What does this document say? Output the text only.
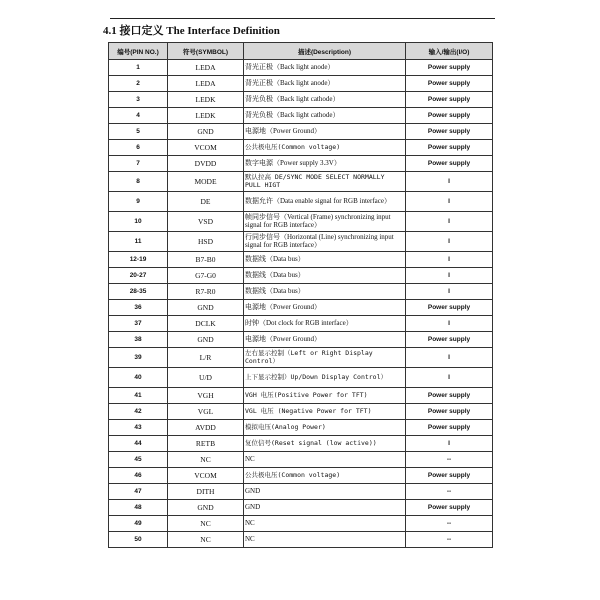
4.1 接口定义 The Interface Definition
编号(PIN NO.)	符号(SYMBOL)	描述(Description)	输入/输出(I/O)
1	LEDA	背光正极（Back light anode）	Power supply
2	LEDA	背光正极（Back light anode）	Power supply
3	LEDK	背光负极（Back light cathode）	Power supply
4	LEDK	背光负极（Back light cathode）	Power supply
5	GND	电源地（Power Ground）	Power supply
6	VCOM	公共极电压(Common voltage)	Power supply
7	DVDD	数字电源（Power supply 3.3V）	Power supply
8	MODE	默认拉高 DE/SYNC MODE SELECT NORMALLY PULL HIGT	I
9	DE	数据允许（Data enable signal for RGB interface）	I
10	VSD	帧同步信号（Vertical (Frame) synchronizing input signal for RGB interface）	I
11	HSD	行同步信号（Horizontal (Line) synchronizing input signal for RGB interface）	I
12-19	B7-B0	数据线（Data bus）	I
20-27	G7-G0	数据线（Data bus）	I
28-35	R7-R0	数据线（Data bus）	I
36	GND	电源地（Power Ground）	Power supply
37	DCLK	时钟（Dot clock for RGB interface）	I
38	GND	电源地（Power Ground）	Power supply
39	L/R	左右显示控制（Left or Right Display Control）	I
40	U/D	上下显示控制）Up/Down Display Control）	I
41	VGH	VGH 电压(Positive Power for TFT)	Power supply
42	VGL	VGL 电压 (Negative Power for TFT)	Power supply
43	AVDD	模拟电压(Analog Power)	Power supply
44	RETB	复位信号(Reset signal (low active))	I
45	NC	NC	--
46	VCOM	公共极电压(Common voltage)	Power supply
47	DITH	GND	--
48	GND	GND	Power supply
49	NC	NC	--
50	NC	NC	--
